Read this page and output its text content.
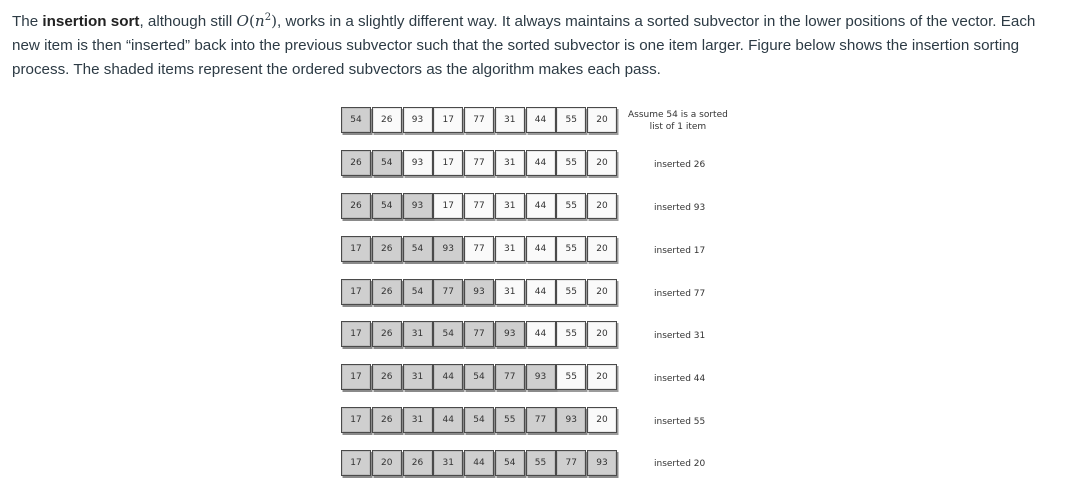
The insertion sort, although still $O(n^2)$, works in a slightly different way. It always maintains a sorted subvector in the lower positions of the vector. Each new item is then “inserted” back into the previous subvector such that the sorted subvector is one item larger. Figure below shows the insertion sorting process. The shaded items represent the ordered subvectors as the algorithm makes each pass.

54	26	93	17	77	31	44	55	20	Assume 54 is a sorted
list of 1 item
26	54	93	17	77	31	44	55	20	inserted 26
26	54	93	17	77	31	44	55	20	inserted 93
17	26	54	93	77	31	44	55	20	inserted 17
17	26	54	77	93	31	44	55	20	inserted 77
17	26	31	54	77	93	44	55	20	inserted 31
17	26	31	44	54	77	93	55	20	inserted 44
17	26	31	44	54	55	77	93	20	inserted 55
17	20	26	31	44	54	55	77	93	inserted 20
